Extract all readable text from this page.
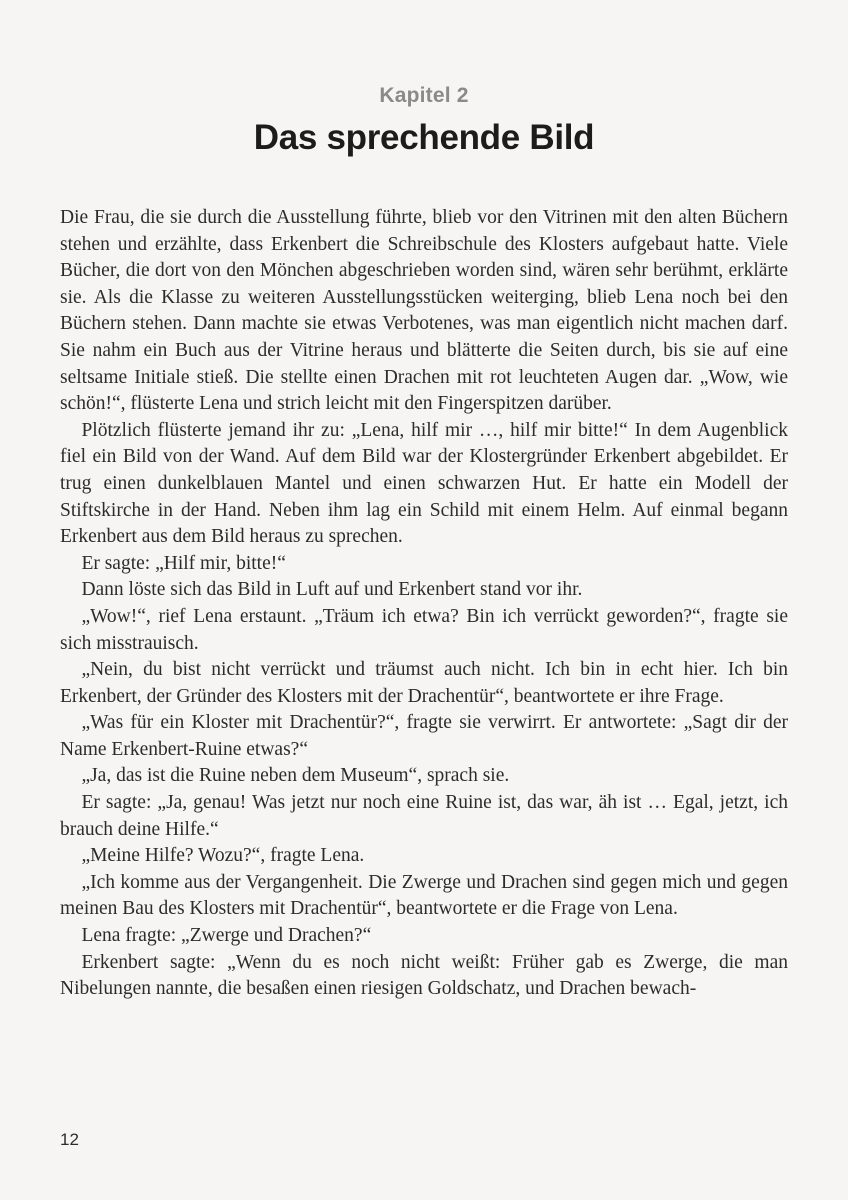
Kapitel 2
Das sprechende Bild

Die Frau, die sie durch die Ausstellung führte, blieb vor den Vitrinen mit den alten Büchern stehen und erzählte, dass Erkenbert die Schreibschule des Klosters aufgebaut hatte. Viele Bücher, die dort von den Mönchen abgeschrieben worden sind, wären sehr berühmt, erklärte sie. Als die Klasse zu weiteren Ausstellungsstücken weiterging, blieb Lena noch bei den Büchern stehen. Dann machte sie etwas Verbotenes, was man eigentlich nicht machen darf. Sie nahm ein Buch aus der Vitrine heraus und blätterte die Seiten durch, bis sie auf eine seltsame Initiale stieß. Die stellte einen Drachen mit rot leuchteten Augen dar. „Wow, wie schön!“, flüsterte Lena und strich leicht mit den Fingerspitzen darüber.

Plötzlich flüsterte jemand ihr zu: „Lena, hilf mir …, hilf mir bitte!“ In dem Augenblick fiel ein Bild von der Wand. Auf dem Bild war der Klostergründer Erkenbert abgebildet. Er trug einen dunkelblauen Mantel und einen schwarzen Hut. Er hatte ein Modell der Stiftskirche in der Hand. Neben ihm lag ein Schild mit einem Helm. Auf einmal begann Erkenbert aus dem Bild heraus zu sprechen.

Er sagte: „Hilf mir, bitte!“

Dann löste sich das Bild in Luft auf und Erkenbert stand vor ihr.

„Wow!“, rief Lena erstaunt. „Träum ich etwa? Bin ich verrückt geworden?“, fragte sie sich misstrauisch.

„Nein, du bist nicht verrückt und träumst auch nicht. Ich bin in echt hier. Ich bin Erkenbert, der Gründer des Klosters mit der Drachentür“, beantwortete er ihre Frage.

„Was für ein Kloster mit Drachentür?“, fragte sie verwirrt. Er antwortete: „Sagt dir der Name Erkenbert-Ruine etwas?“

„Ja, das ist die Ruine neben dem Museum“, sprach sie.

Er sagte: „Ja, genau! Was jetzt nur noch eine Ruine ist, das war, äh ist … Egal, jetzt, ich brauch deine Hilfe.“

„Meine Hilfe? Wozu?“, fragte Lena.

„Ich komme aus der Vergangenheit. Die Zwerge und Drachen sind gegen mich und gegen meinen Bau des Klosters mit Drachentür“, beantwortete er die Frage von Lena.

Lena fragte: „Zwerge und Drachen?“

Erkenbert sagte: „Wenn du es noch nicht weißt: Früher gab es Zwerge, die man Nibelungen nannte, die besaßen einen riesigen Goldschatz, und Drachen bewach-

12
